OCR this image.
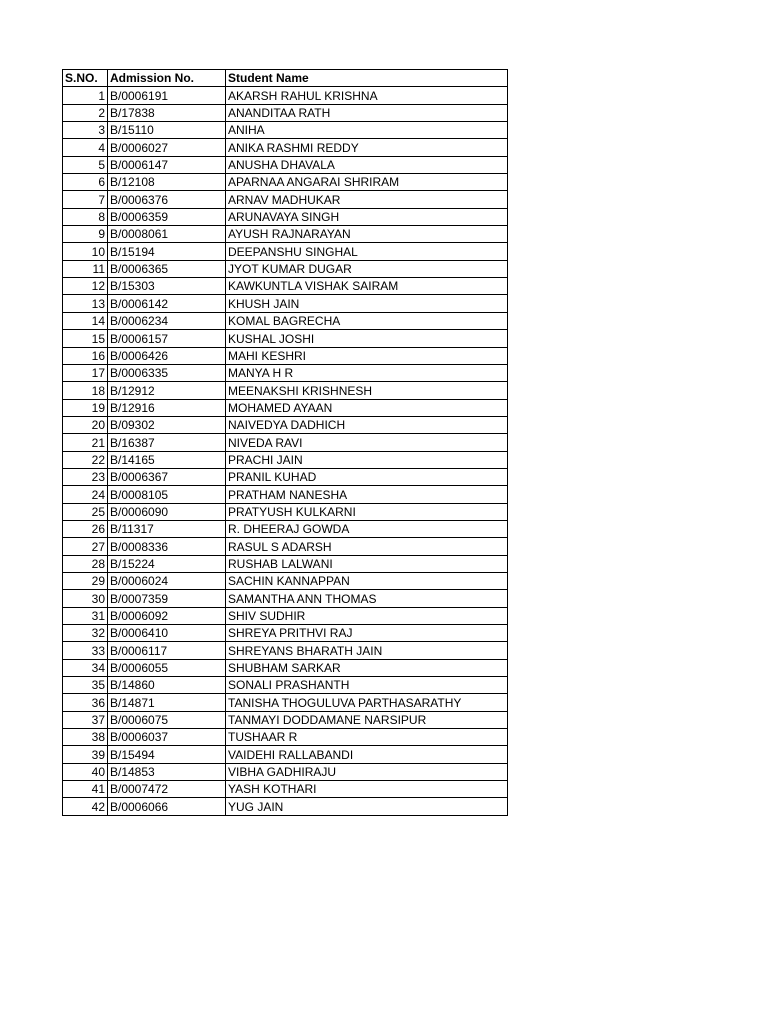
S.NO.	Admission No.	Student Name
1	B/0006191	AKARSH RAHUL KRISHNA
2	B/17838	ANANDITAA RATH
3	B/15110	ANIHA
4	B/0006027	ANIKA RASHMI REDDY
5	B/0006147	ANUSHA DHAVALA
6	B/12108	APARNAA ANGARAI SHRIRAM
7	B/0006376	ARNAV MADHUKAR
8	B/0006359	ARUNAVAYA SINGH
9	B/0008061	AYUSH RAJNARAYAN
10	B/15194	DEEPANSHU SINGHAL
11	B/0006365	JYOT KUMAR DUGAR
12	B/15303	KAWKUNTLA VISHAK SAIRAM
13	B/0006142	KHUSH JAIN
14	B/0006234	KOMAL BAGRECHA
15	B/0006157	KUSHAL JOSHI
16	B/0006426	MAHI KESHRI
17	B/0006335	MANYA H R
18	B/12912	MEENAKSHI KRISHNESH
19	B/12916	MOHAMED AYAAN
20	B/09302	NAIVEDYA DADHICH
21	B/16387	NIVEDA RAVI
22	B/14165	PRACHI JAIN
23	B/0006367	PRANIL KUHAD
24	B/0008105	PRATHAM NANESHA
25	B/0006090	PRATYUSH KULKARNI
26	B/11317	R. DHEERAJ GOWDA
27	B/0008336	RASUL S ADARSH
28	B/15224	RUSHAB LALWANI
29	B/0006024	SACHIN KANNAPPAN
30	B/0007359	SAMANTHA ANN THOMAS
31	B/0006092	SHIV SUDHIR
32	B/0006410	SHREYA PRITHVI RAJ
33	B/0006117	SHREYANS BHARATH JAIN
34	B/0006055	SHUBHAM SARKAR
35	B/14860	SONALI PRASHANTH
36	B/14871	TANISHA THOGULUVA PARTHASARATHY
37	B/0006075	TANMAYI DODDAMANE NARSIPUR
38	B/0006037	TUSHAAR R
39	B/15494	VAIDEHI RALLABANDI
40	B/14853	VIBHA GADHIRAJU
41	B/0007472	YASH KOTHARI
42	B/0006066	YUG JAIN
